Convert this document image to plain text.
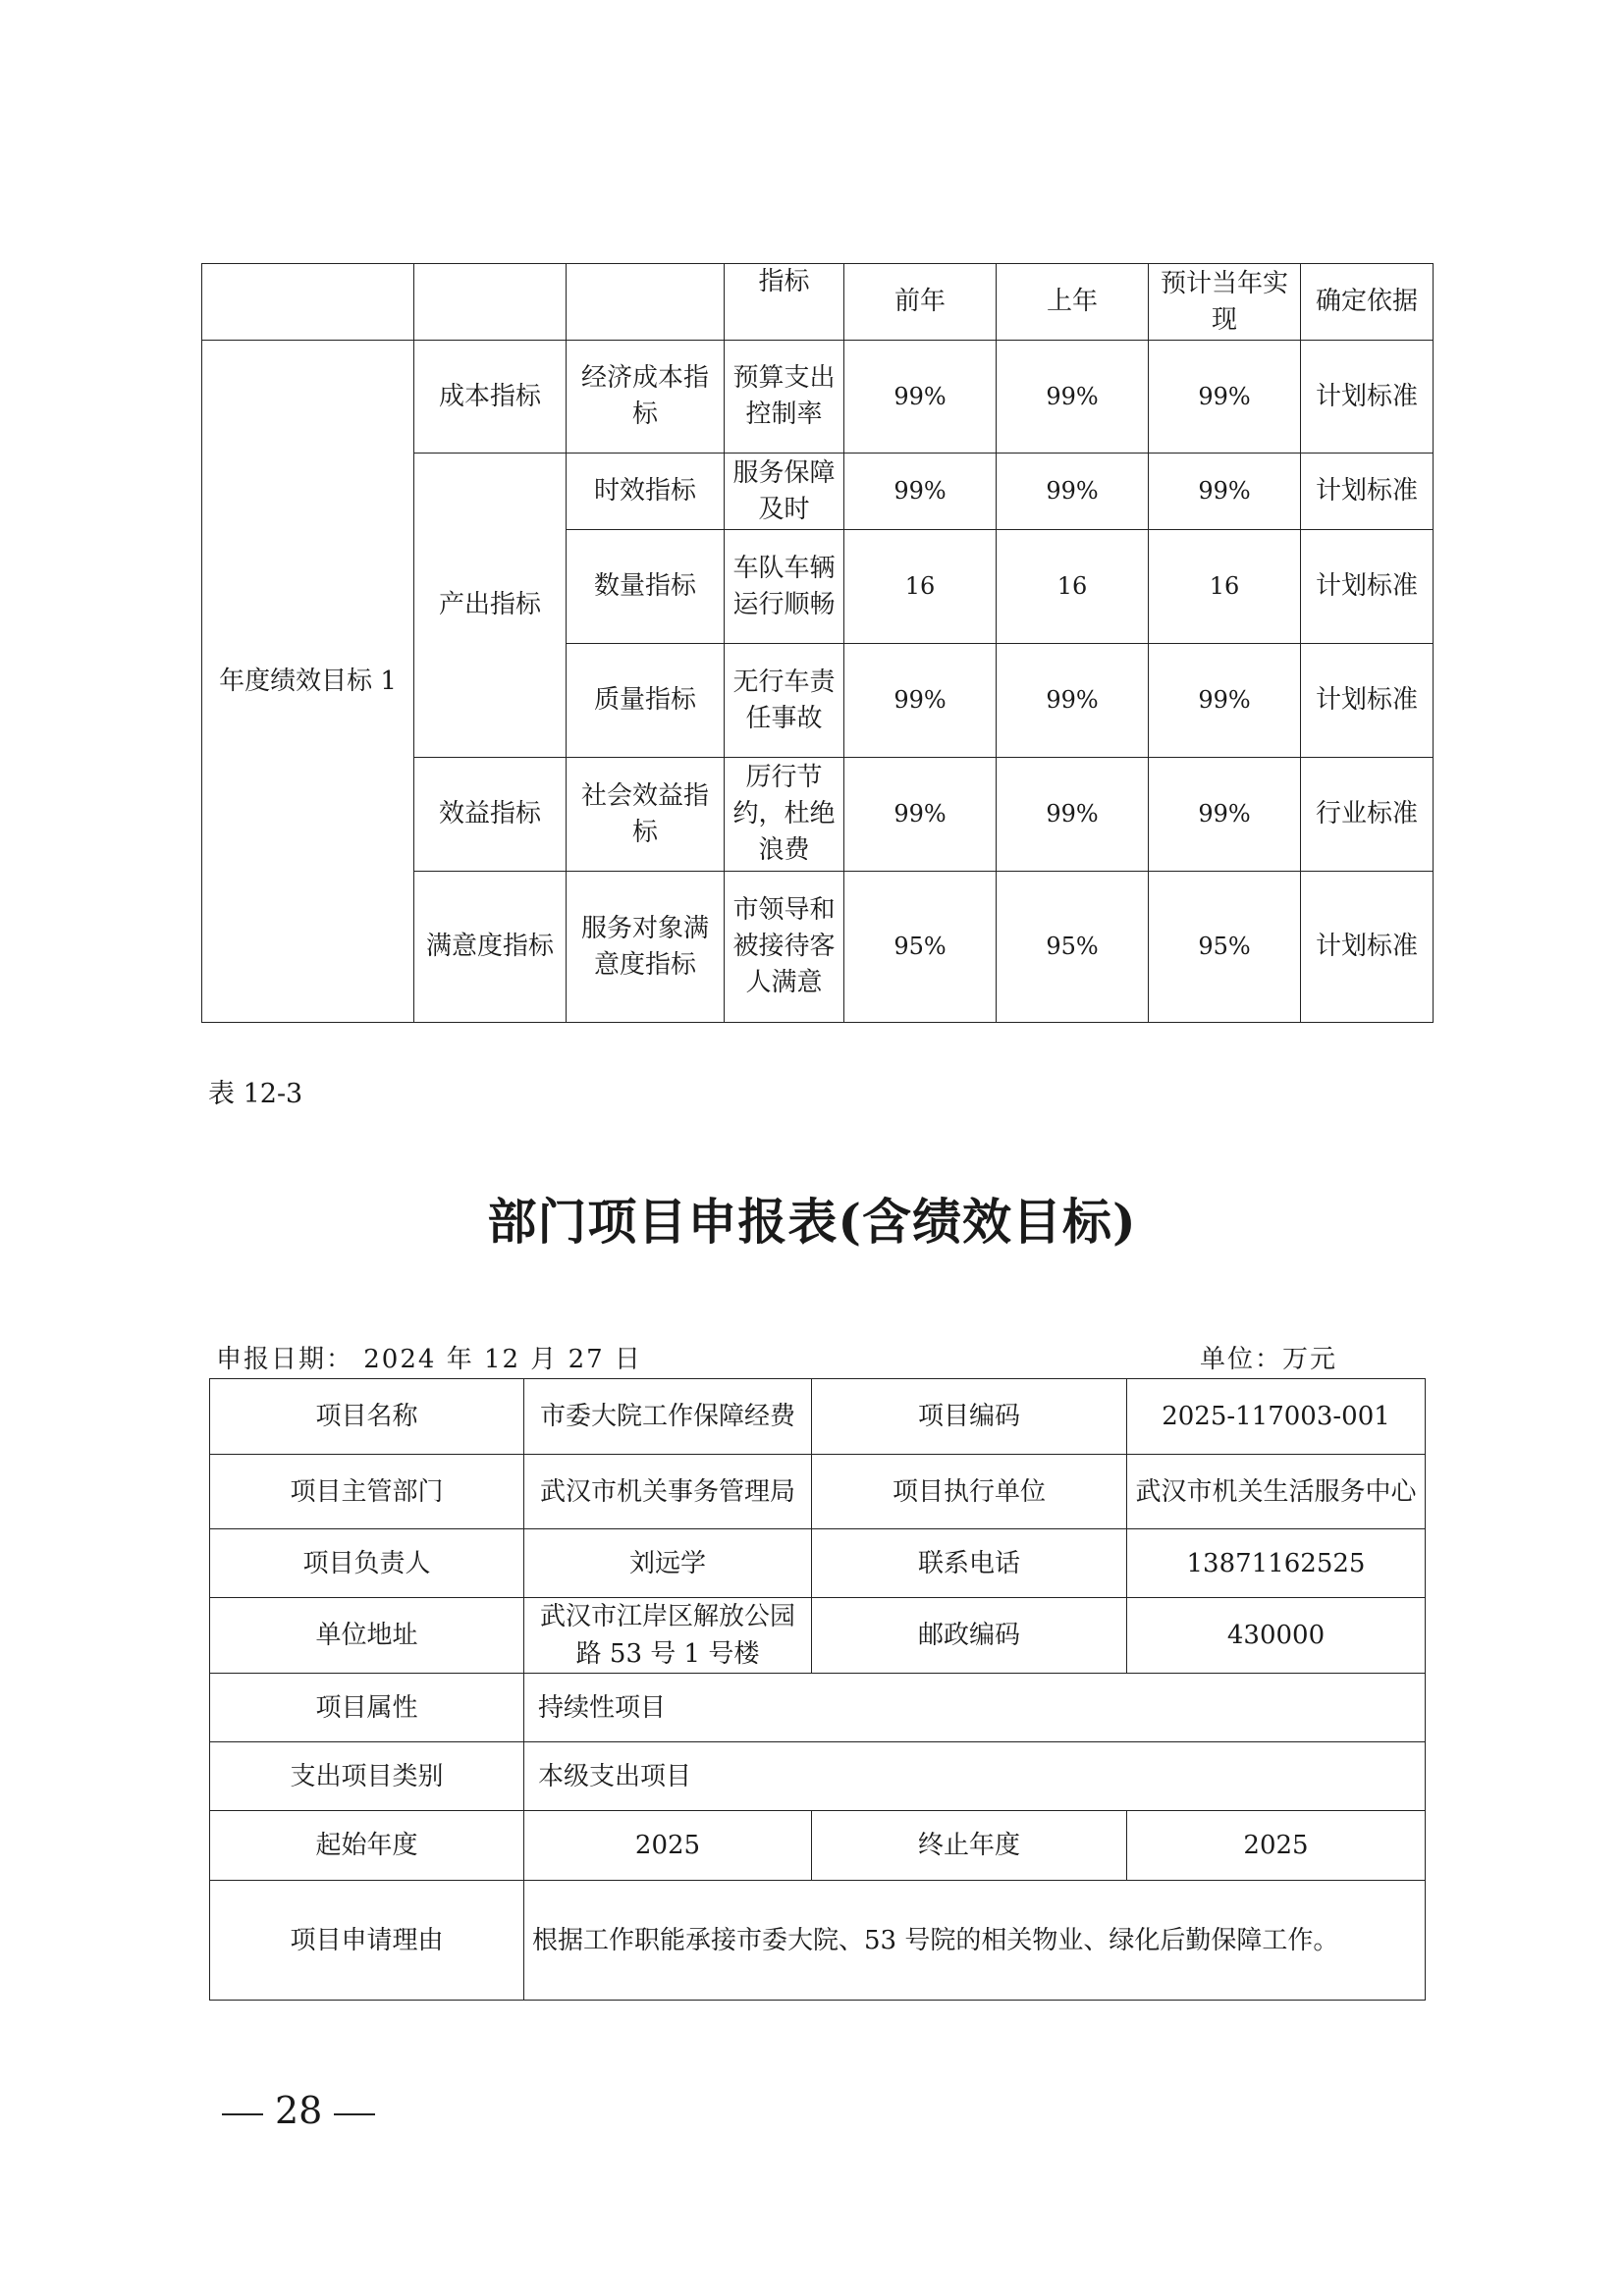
			指标	前年	上年	预计当年实现	确定依据
年度绩效目标 1	成本指标	经济成本指标	预算支出控制率	99%	99%	99%	计划标准
	产出指标	时效指标	服务保障及时	99%	99%	99%	计划标准
		数量指标	车队车辆运行顺畅	16	16	16	计划标准
		质量指标	无行车责任事故	99%	99%	99%	计划标准
	效益指标	社会效益指标	厉行节约，杜绝浪费	99%	99%	99%	行业标准
	满意度指标	服务对象满意度指标	市领导和被接待客人满意	95%	95%	95%	计划标准
表 12-3
部门项目申报表(含绩效目标)
申报日期： 2024 年 12 月 27 日	单位：万元
项目名称	市委大院工作保障经费	项目编码	2025-117003-001
项目主管部门	武汉市机关事务管理局	项目执行单位	武汉市机关生活服务中心
项目负责人	刘远学	联系电话	13871162525
单位地址	武汉市江岸区解放公园路 53 号 1 号楼	邮政编码	430000
项目属性	持续性项目		
支出项目类别	本级支出项目		
起始年度	2025	终止年度	2025
项目申请理由	根据工作职能承接市委大院、53 号院的相关物业、绿化后勤保障工作。		
28
